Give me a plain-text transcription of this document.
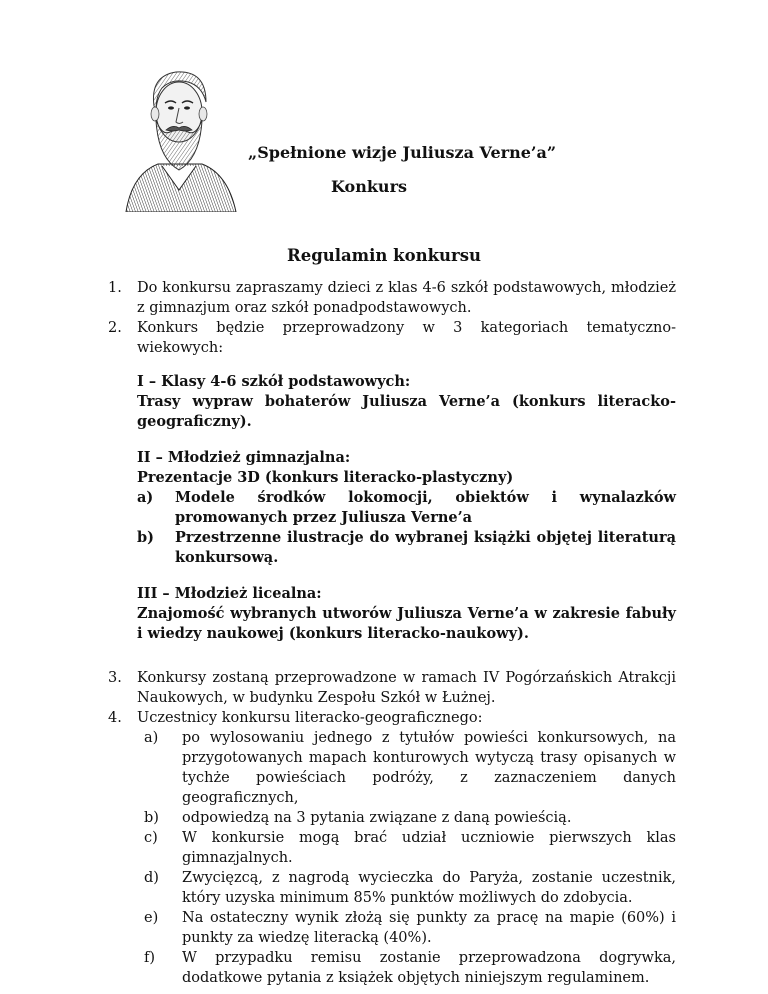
„Spełnione wizje Juliusza Verne’a”
Konkurs
Regulamin konkursu
1. Do konkursu zapraszamy dzieci z klas 4-6 szkół podstawowych, młodzież z gimnazjum oraz szkół ponadpodstawowych.
2. Konkurs będzie przeprowadzony w 3 kategoriach tematyczno-wiekowych:
I – Klasy 4-6 szkół podstawowych:
Trasy wypraw bohaterów Juliusza Verne’a (konkurs literacko-geograficzny).
II – Młodzież gimnazjalna:
Prezentacje 3D (konkurs literacko-plastyczny)
a) Modele środków lokomocji, obiektów i wynalazków promowanych przez Juliusza Verne’a
b) Przestrzenne ilustracje do wybranej książki objętej literaturą konkursową.
III – Młodzież licealna:
Znajomość wybranych utworów Juliusza Verne’a w zakresie fabuły i wiedzy naukowej (konkurs literacko-naukowy).
3. Konkursy zostaną przeprowadzone w ramach IV Pogórzańskich Atrakcji Naukowych, w budynku Zespołu Szkół w Łużnej.
4. Uczestnicy konkursu literacko-geograficznego:
a) po wylosowaniu jednego z tytułów powieści konkursowych, na przygotowanych mapach konturowych wytyczą trasy opisanych w tychże powieściach podróży, z zaznaczeniem danych geograficznych,
b) odpowiedzą na 3 pytania związane z daną powieścią.
c) W konkursie mogą brać udział uczniowie pierwszych klas gimnazjalnych.
d) Zwycięzcą, z nagrodą wycieczka do Paryża, zostanie uczestnik, który uzyska minimum 85% punktów możliwych do zdobycia.
e) Na ostateczny wynik złożą się punkty za pracę na mapie (60%) i punkty za wiedzę literacką (40%).
f) W przypadku remisu zostanie przeprowadzona dogrywka, dodatkowe pytania z książek objętych niniejszym regulaminem.
